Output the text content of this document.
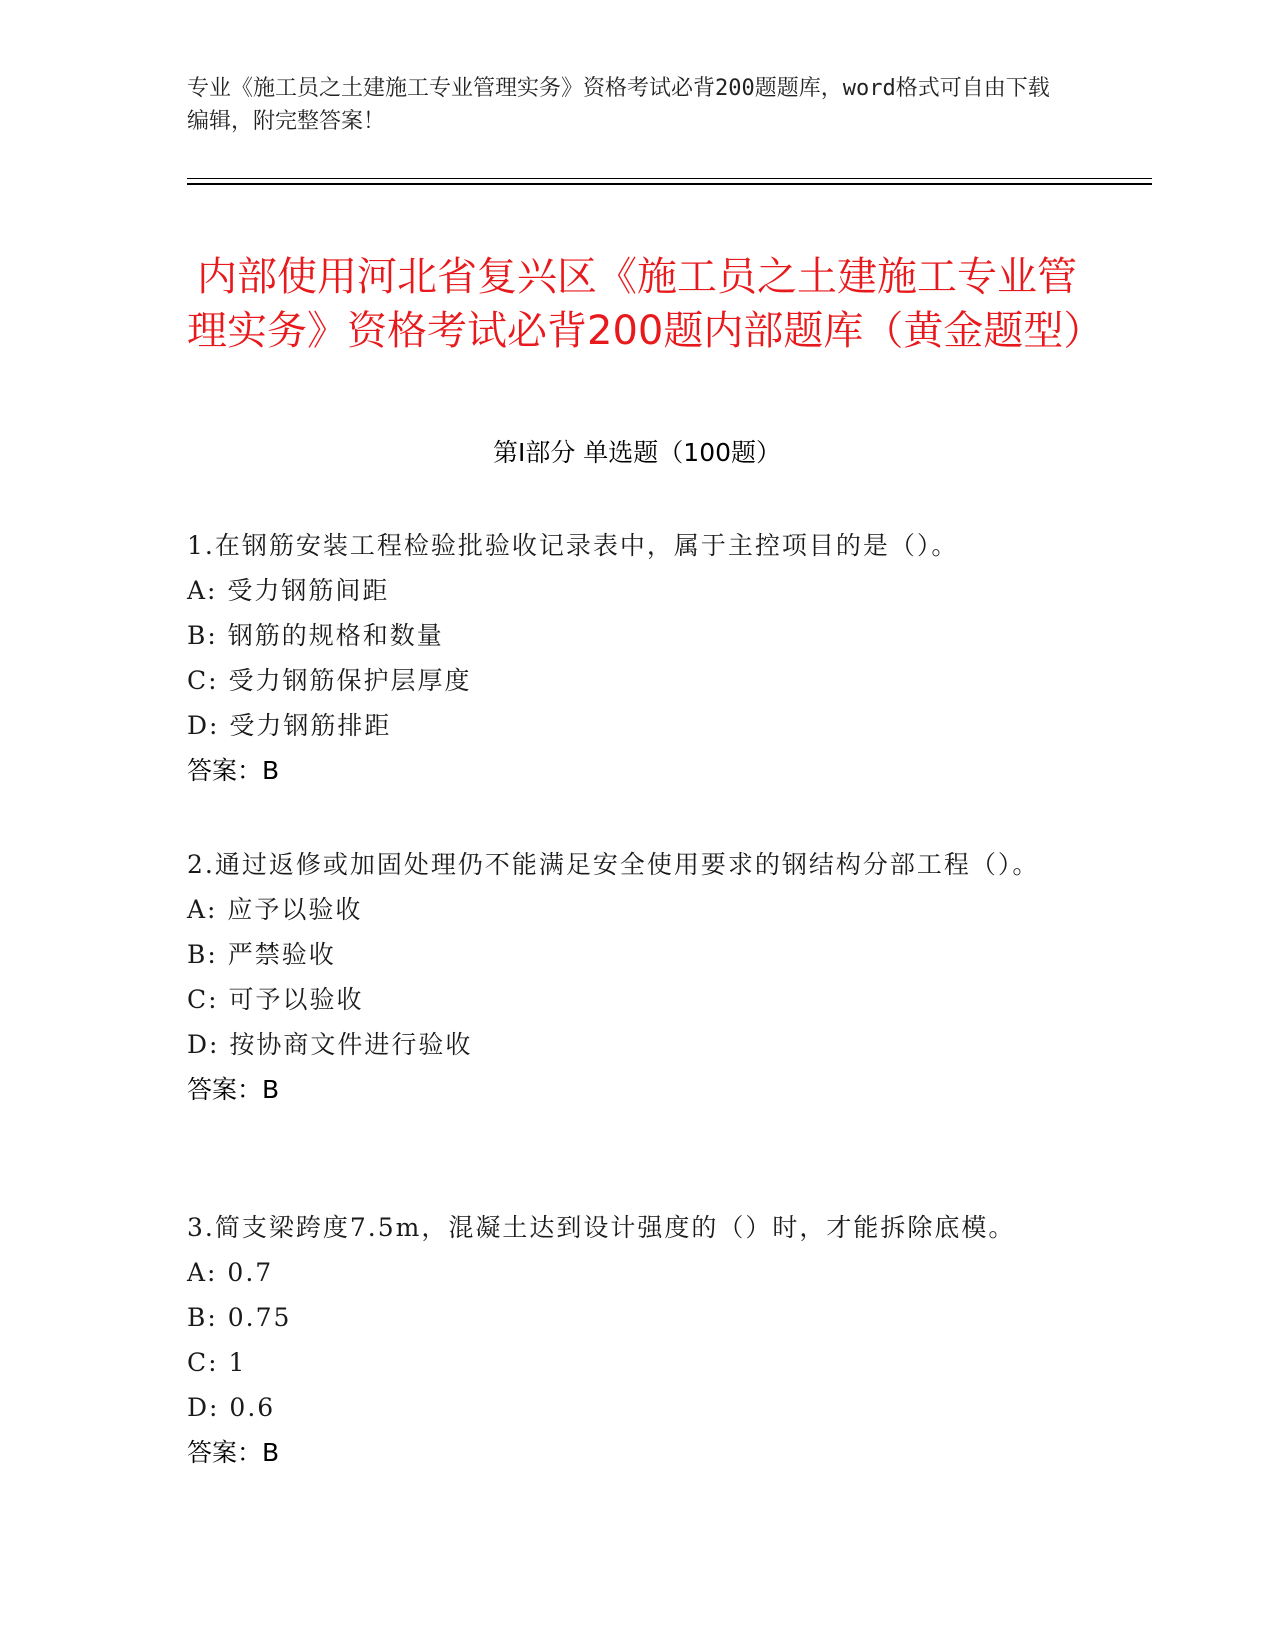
专业《施工员之土建施工专业管理实务》资格考试必背200题题库，word格式可自由下载编辑，附完整答案！
内部使用河北省复兴区《施工员之土建施工专业管理实务》资格考试必背200题内部题库（黄金题型）
第Ⅰ部分 单选题（100题）

1.在钢筋安装工程检验批验收记录表中，属于主控项目的是（）。

A: 受力钢筋间距

B: 钢筋的规格和数量

C: 受力钢筋保护层厚度

D: 受力钢筋排距

答案：B

2.通过返修或加固处理仍不能满足安全使用要求的钢结构分部工程（）。

A: 应予以验收

B: 严禁验收

C: 可予以验收

D: 按协商文件进行验收

答案：B

3.简支梁跨度7.5m，混凝土达到设计强度的（）时，才能拆除底模。

A: 0.7

B: 0.75

C: 1

D: 0.6

答案：B
